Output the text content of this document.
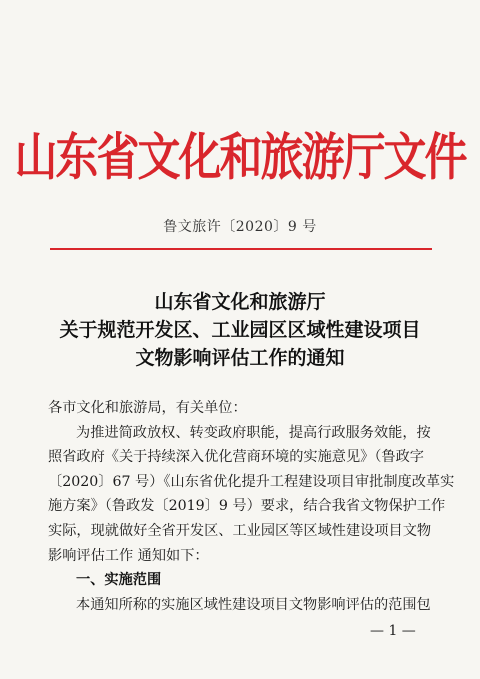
山东省文化和旅游厅文件
鲁文旅许〔2020〕9 号
山东省文化和旅游厅
关于规范开发区、工业园区区域性建设项目
文物影响评估工作的通知

各市文化和旅游局，有关单位：

为推进简政放权、转变政府职能，提高行政服务效能，按
照省政府《关于持续深入优化营商环境的实施意见》（鲁政字
〔2020〕67 号）《山东省优化提升工程建设项目审批制度改革实
施方案》（鲁政发〔2019〕9 号）要求，结合我省文物保护工作
实际，现就做好全省开发区、工业园区等区域性建设项目文物
影响评估工作 通知如下：

一、实施范围

本通知所称的实施区域性建设项目文物影响评估的范围包

— 1 —
